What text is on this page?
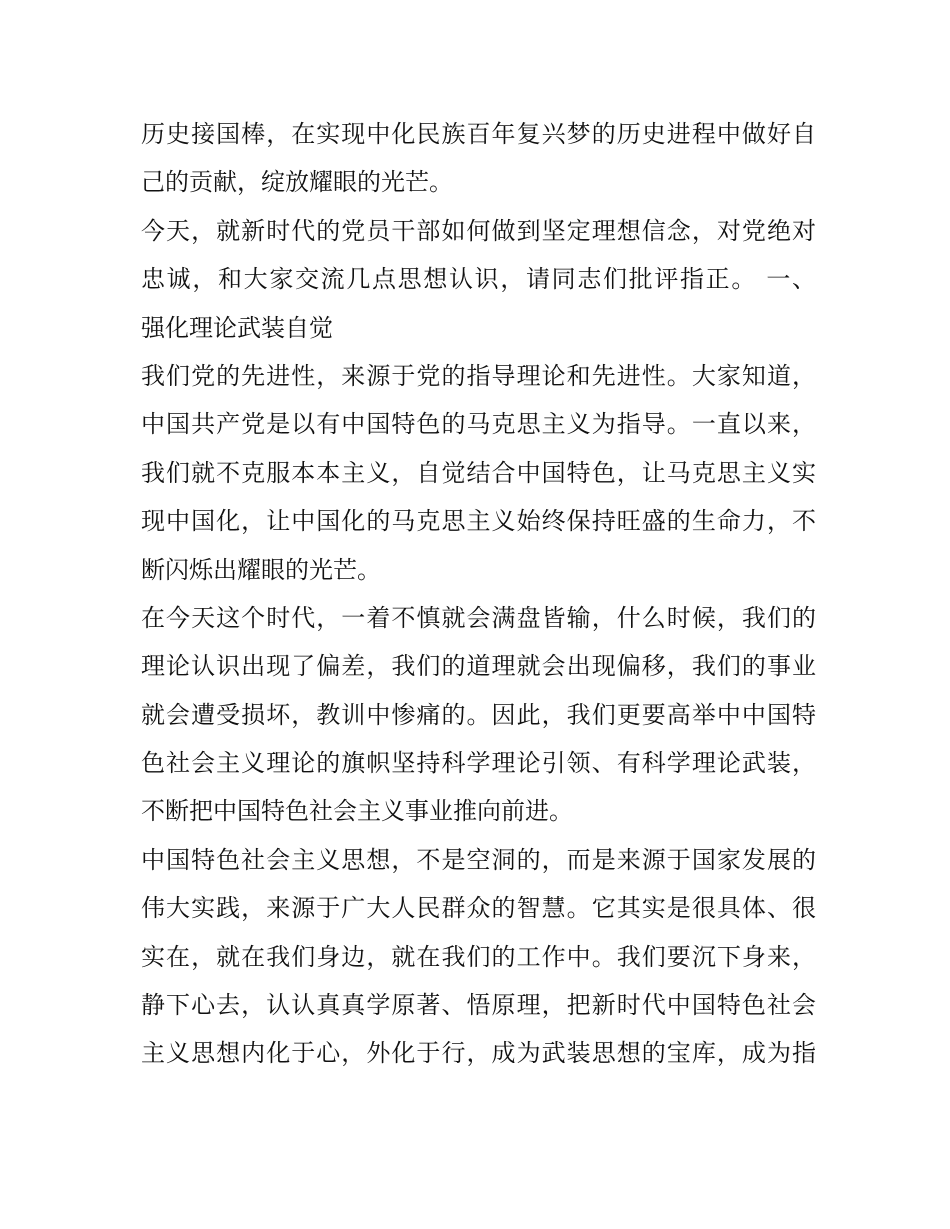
历史接国棒，在实现中化民族百年复兴梦的历史进程中做好自
己的贡献，绽放耀眼的光芒。
今天，就新时代的党员干部如何做到坚定理想信念，对党绝对
忠诚，和大家交流几点思想认识，请同志们批评指正。 一、
强化理论武装自觉
我们党的先进性，来源于党的指导理论和先进性。大家知道，
中国共产党是以有中国特色的马克思主义为指导。一直以来，
我们就不克服本本主义，自觉结合中国特色，让马克思主义实
现中国化，让中国化的马克思主义始终保持旺盛的生命力，不
断闪烁出耀眼的光芒。
在今天这个时代，一着不慎就会满盘皆输，什么时候，我们的
理论认识出现了偏差，我们的道理就会出现偏移，我们的事业
就会遭受损坏，教训中惨痛的。因此，我们更要高举中中国特
色社会主义理论的旗帜坚持科学理论引领、有科学理论武装，
不断把中国特色社会主义事业推向前进。
中国特色社会主义思想，不是空洞的，而是来源于国家发展的
伟大实践，来源于广大人民群众的智慧。它其实是很具体、很
实在，就在我们身边，就在我们的工作中。我们要沉下身来，
静下心去，认认真真学原著、悟原理，把新时代中国特色社会
主义思想内化于心，外化于行，成为武装思想的宝库，成为指
